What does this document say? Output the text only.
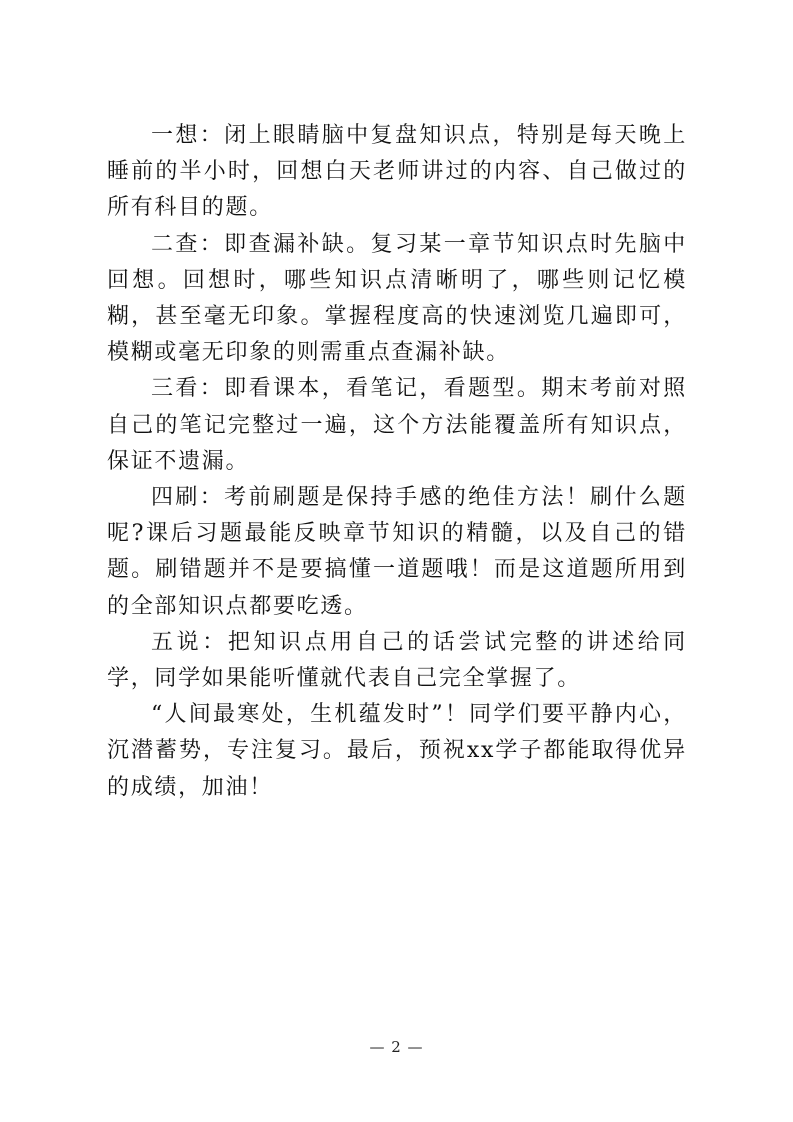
一想：闭上眼睛脑中复盘知识点，特别是每天晚上睡前的半小时，回想白天老师讲过的内容、自己做过的所有科目的题。

二查：即查漏补缺。复习某一章节知识点时先脑中回想。回想时，哪些知识点清晰明了，哪些则记忆模糊，甚至毫无印象。掌握程度高的快速浏览几遍即可，模糊或毫无印象的则需重点查漏补缺。

三看：即看课本，看笔记，看题型。期末考前对照自己的笔记完整过一遍，这个方法能覆盖所有知识点，保证不遗漏。

四刷：考前刷题是保持手感的绝佳方法！刷什么题呢?课后习题最能反映章节知识的精髓，以及自己的错题。刷错题并不是要搞懂一道题哦！而是这道题所用到的全部知识点都要吃透。

五说：把知识点用自己的话尝试完整的讲述给同学，同学如果能听懂就代表自己完全掌握了。

“人间最寒处，生机蕴发时”！同学们要平静内心，沉潜蓄势，专注复习。最后，预祝xx学子都能取得优异的成绩，加油！

— 2 —
